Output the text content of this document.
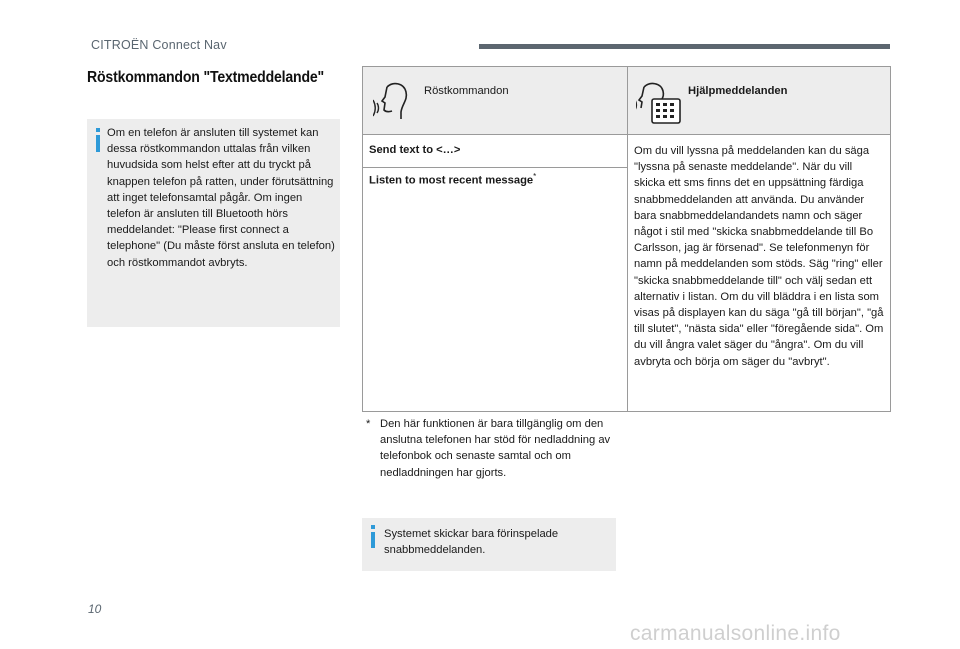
CITROËN Connect Nav
Röstkommandon "Textmeddelande"

Om en telefon är ansluten till systemet kan dessa röstkommandon uttalas från vilken huvudsida som helst efter att du tryckt på knappen telefon på ratten, under förutsättning att inget telefonsamtal pågår. Om ingen telefon är ansluten till Bluetooth hörs meddelandet: "Please first connect a telephone" (Du måste först ansluta en telefon) och röstkommandot avbryts.

Röstkommandon	Hjälpmeddelanden
Send text to <…>
Listen to most recent message*
Om du vill lyssna på meddelanden kan du säga "lyssna på senaste meddelande". När du vill skicka ett sms finns det en uppsättning färdiga snabbmeddelanden att använda. Du använder bara snabbmeddelandandets namn och säger något i stil med "skicka snabbmeddelande till Bo Carlsson, jag är försenad". Se telefonmenyn för namn på meddelanden som stöds. Säg "ring" eller "skicka snabbmeddelande till" och välj sedan ett alternativ i listan. Om du vill bläddra i en lista som visas på displayen kan du säga "gå till början", "gå till slutet", "nästa sida" eller "föregående sida". Om du vill ångra valet säger du "ångra". Om du vill avbryta och börja om säger du "avbryt".
* Den här funktionen är bara tillgänglig om den anslutna telefonen har stöd för nedladdning av telefonbok och senaste samtal och om nedladdningen har gjorts.

Systemet skickar bara förinspelade snabbmeddelanden.

10
carmanualsonline.info
